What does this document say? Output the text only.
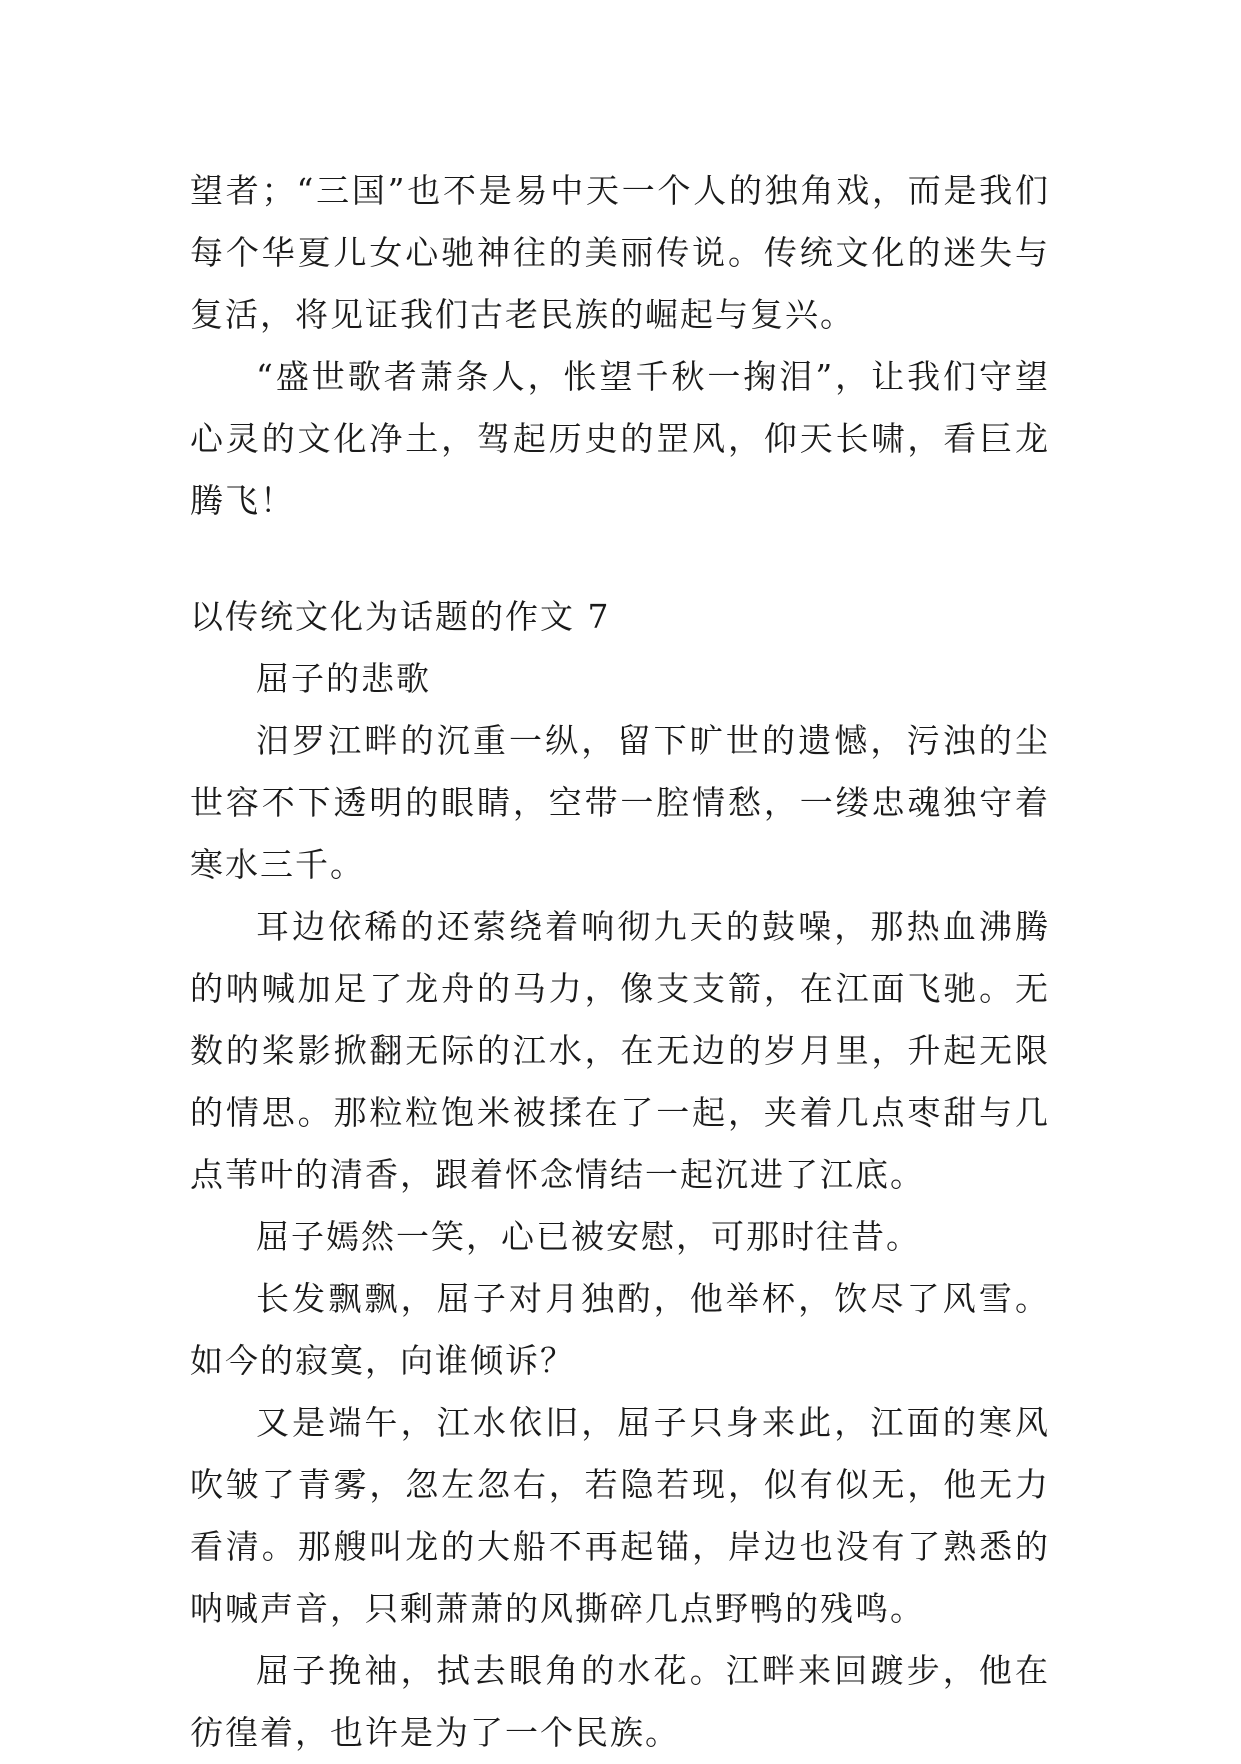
望者；“三国”也不是易中天一个人的独角戏，而是我们每个华夏儿女心驰神往的美丽传说。传统文化的迷失与复活，将见证我们古老民族的崛起与复兴。

“盛世歌者萧条人，怅望千秋一掬泪”，让我们守望心灵的文化净土，驾起历史的罡风，仰天长啸，看巨龙腾飞！

以传统文化为话题的作文 7

屈子的悲歌

汨罗江畔的沉重一纵，留下旷世的遗憾，污浊的尘世容不下透明的眼睛，空带一腔情愁，一缕忠魂独守着寒水三千。

耳边依稀的还萦绕着响彻九天的鼓噪，那热血沸腾的呐喊加足了龙舟的马力，像支支箭，在江面飞驰。无数的桨影掀翻无际的江水，在无边的岁月里，升起无限的情思。那粒粒饱米被揉在了一起，夹着几点枣甜与几点苇叶的清香，跟着怀念情结一起沉进了江底。

屈子嫣然一笑，心已被安慰，可那时往昔。

长发飘飘，屈子对月独酌，他举杯，饮尽了风雪。如今的寂寞，向谁倾诉？

又是端午，江水依旧，屈子只身来此，江面的寒风吹皱了青雾，忽左忽右，若隐若现，似有似无，他无力看清。那艘叫龙的大船不再起锚，岸边也没有了熟悉的呐喊声音，只剩萧萧的风撕碎几点野鸭的残鸣。

屈子挽袖，拭去眼角的水花。江畔来回踱步，他在彷徨着，也许是为了一个民族。
